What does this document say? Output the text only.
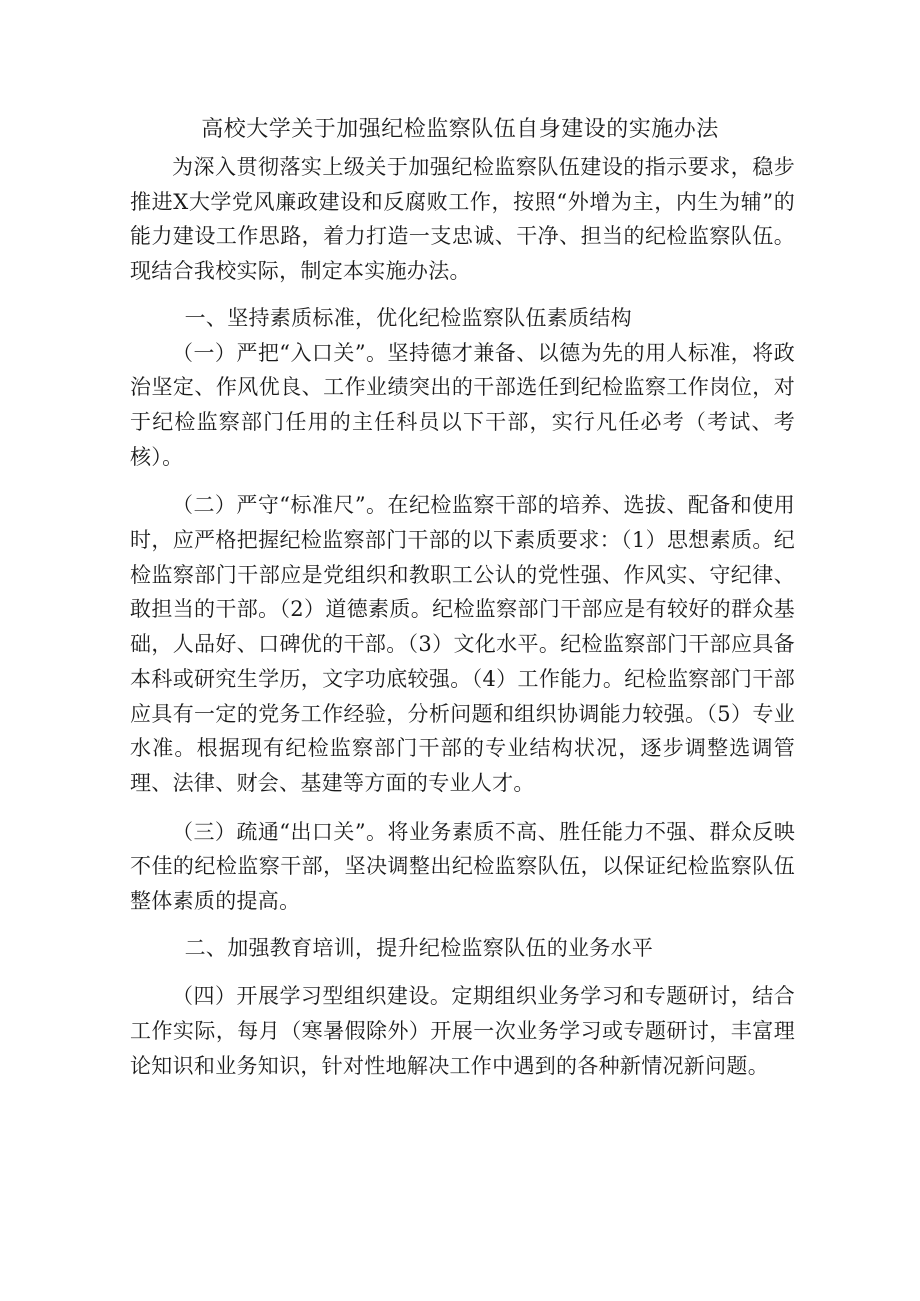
高校大学关于加强纪检监察队伍自身建设的实施办法

为深入贯彻落实上级关于加强纪检监察队伍建设的指示要求，稳步推进X大学党风廉政建设和反腐败工作，按照“外增为主，内生为辅”的能力建设工作思路，着力打造一支忠诚、干净、担当的纪检监察队伍。现结合我校实际，制定本实施办法。

一、坚持素质标准，优化纪检监察队伍素质结构

（一）严把“入口关”。坚持德才兼备、以德为先的用人标准，将政治坚定、作风优良、工作业绩突出的干部选任到纪检监察工作岗位，对于纪检监察部门任用的主任科员以下干部，实行凡任必考（考试、考核）。

（二）严守“标准尺”。在纪检监察干部的培养、选拔、配备和使用时，应严格把握纪检监察部门干部的以下素质要求：（1）思想素质。纪检监察部门干部应是党组织和教职工公认的党性强、作风实、守纪律、敢担当的干部。（2）道德素质。纪检监察部门干部应是有较好的群众基础，人品好、口碑优的干部。（3）文化水平。纪检监察部门干部应具备本科或研究生学历，文字功底较强。（4）工作能力。纪检监察部门干部应具有一定的党务工作经验，分析问题和组织协调能力较强。（5）专业水准。根据现有纪检监察部门干部的专业结构状况，逐步调整选调管理、法律、财会、基建等方面的专业人才。

（三）疏通“出口关”。将业务素质不高、胜任能力不强、群众反映不佳的纪检监察干部，坚决调整出纪检监察队伍，以保证纪检监察队伍整体素质的提高。

二、加强教育培训，提升纪检监察队伍的业务水平

（四）开展学习型组织建设。定期组织业务学习和专题研讨，结合工作实际，每月（寒暑假除外）开展一次业务学习或专题研讨，丰富理论知识和业务知识，针对性地解决工作中遇到的各种新情况新问题。
